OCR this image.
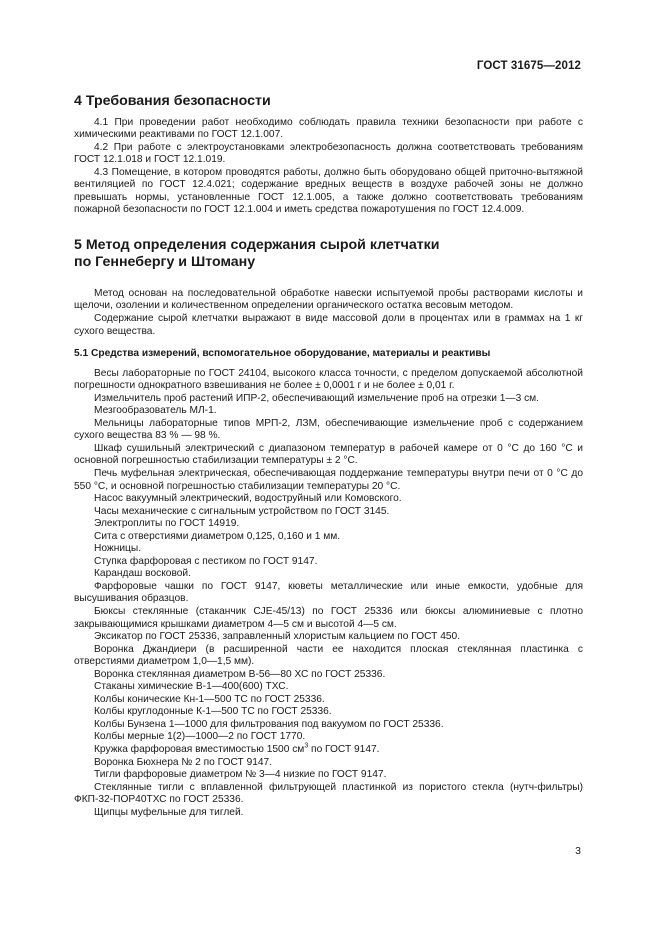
ГОСТ 31675—2012
4 Требования безопасности

4.1 При проведении работ необходимо соблюдать правила техники безопасности при работе с химическими реактивами по ГОСТ 12.1.007.

4.2 При работе с электроустановками электробезопасность должна соответствовать требованиям ГОСТ 12.1.018 и ГОСТ 12.1.019.

4.3 Помещение, в котором проводятся работы, должно быть оборудовано общей приточно-вытяжной вентиляцией по ГОСТ 12.4.021; содержание вредных веществ в воздухе рабочей зоны не должно превышать нормы, установленные ГОСТ 12.1.005, а также должно соответствовать требованиям пожарной безопасности по ГОСТ 12.1.004 и иметь средства пожаротушения по ГОСТ 12.4.009.

5 Метод определения содержания сырой клетчатки
по Геннебергу и Штоману

Метод основан на последовательной обработке навески испытуемой пробы растворами кислоты и щелочи, озолении и количественном определении органического остатка весовым методом.

Содержание сырой клетчатки выражают в виде массовой доли в процентах или в граммах на 1 кг сухого вещества.

5.1 Средства измерений, вспомогательное оборудование, материалы и реактивы

Весы лабораторные по ГОСТ 24104, высокого класса точности, с пределом допускаемой абсолютной погрешности однократного взвешивания не более ± 0,0001 г и не более ± 0,01 г.

Измельчитель проб растений ИПР-2, обеспечивающий измельчение проб на отрезки 1—3 см.

Мезгообразователь МЛ-1.

Мельницы лабораторные типов МРП-2, ЛЗМ, обеспечивающие измельчение проб с содержанием сухого вещества 83 % — 98 %.

Шкаф сушильный электрический с диапазоном температур в рабочей камере от 0 °С до 160 °С и основной погрешностью стабилизации температуры ± 2 °С.

Печь муфельная электрическая, обеспечивающая поддержание температуры внутри печи от 0 °С до 550 °С, и основной погрешностью стабилизации температуры 20 °С.

Насос вакуумный электрический, водоструйный или Комовского.

Часы механические с сигнальным устройством по ГОСТ 3145.

Электроплиты по ГОСТ 14919.

Сита с отверстиями диаметром 0,125, 0,160 и 1 мм.

Ножницы.

Ступка фарфоровая с пестиком по ГОСТ 9147.

Карандаш восковой.

Фарфоровые чашки по ГОСТ 9147, кюветы металлические или иные емкости, удобные для высушивания образцов.

Бюксы стеклянные (стаканчик CJE-45/13) по ГОСТ 25336 или бюксы алюминиевые с плотно закрывающимися крышками диаметром 4—5 см и высотой 4—5 см.

Эксикатор по ГОСТ 25336, заправленный хлористым кальцием по ГОСТ 450.

Воронка Джандиери (в расширенной части ее находится плоская стеклянная пластинка с отверстиями диаметром 1,0—1,5 мм).

Воронка стеклянная диаметром В-56—80 ХС по ГОСТ 25336.

Стаканы химические В-1—400(600) ТХС.

Колбы конические Кн-1—500 ТС по ГОСТ 25336.

Колбы круглодонные К-1—500 ТС по ГОСТ 25336.

Колбы Бунзена 1—1000 для фильтрования под вакуумом по ГОСТ 25336.

Колбы мерные 1(2)—1000—2 по ГОСТ 1770.

Кружка фарфоровая вместимостью 1500 $см^3$ по ГОСТ 9147.

Воронка Бюхнера № 2 по ГОСТ 9147.

Тигли фарфоровые диаметром № 3—4 низкие по ГОСТ 9147.

Стеклянные тигли с вплавленной фильтрующей пластинкой из пористого стекла (нутч-фильтры) ФКП-32-ПОР40ТХС по ГОСТ 25336.

Щипцы муфельные для тиглей.

3
